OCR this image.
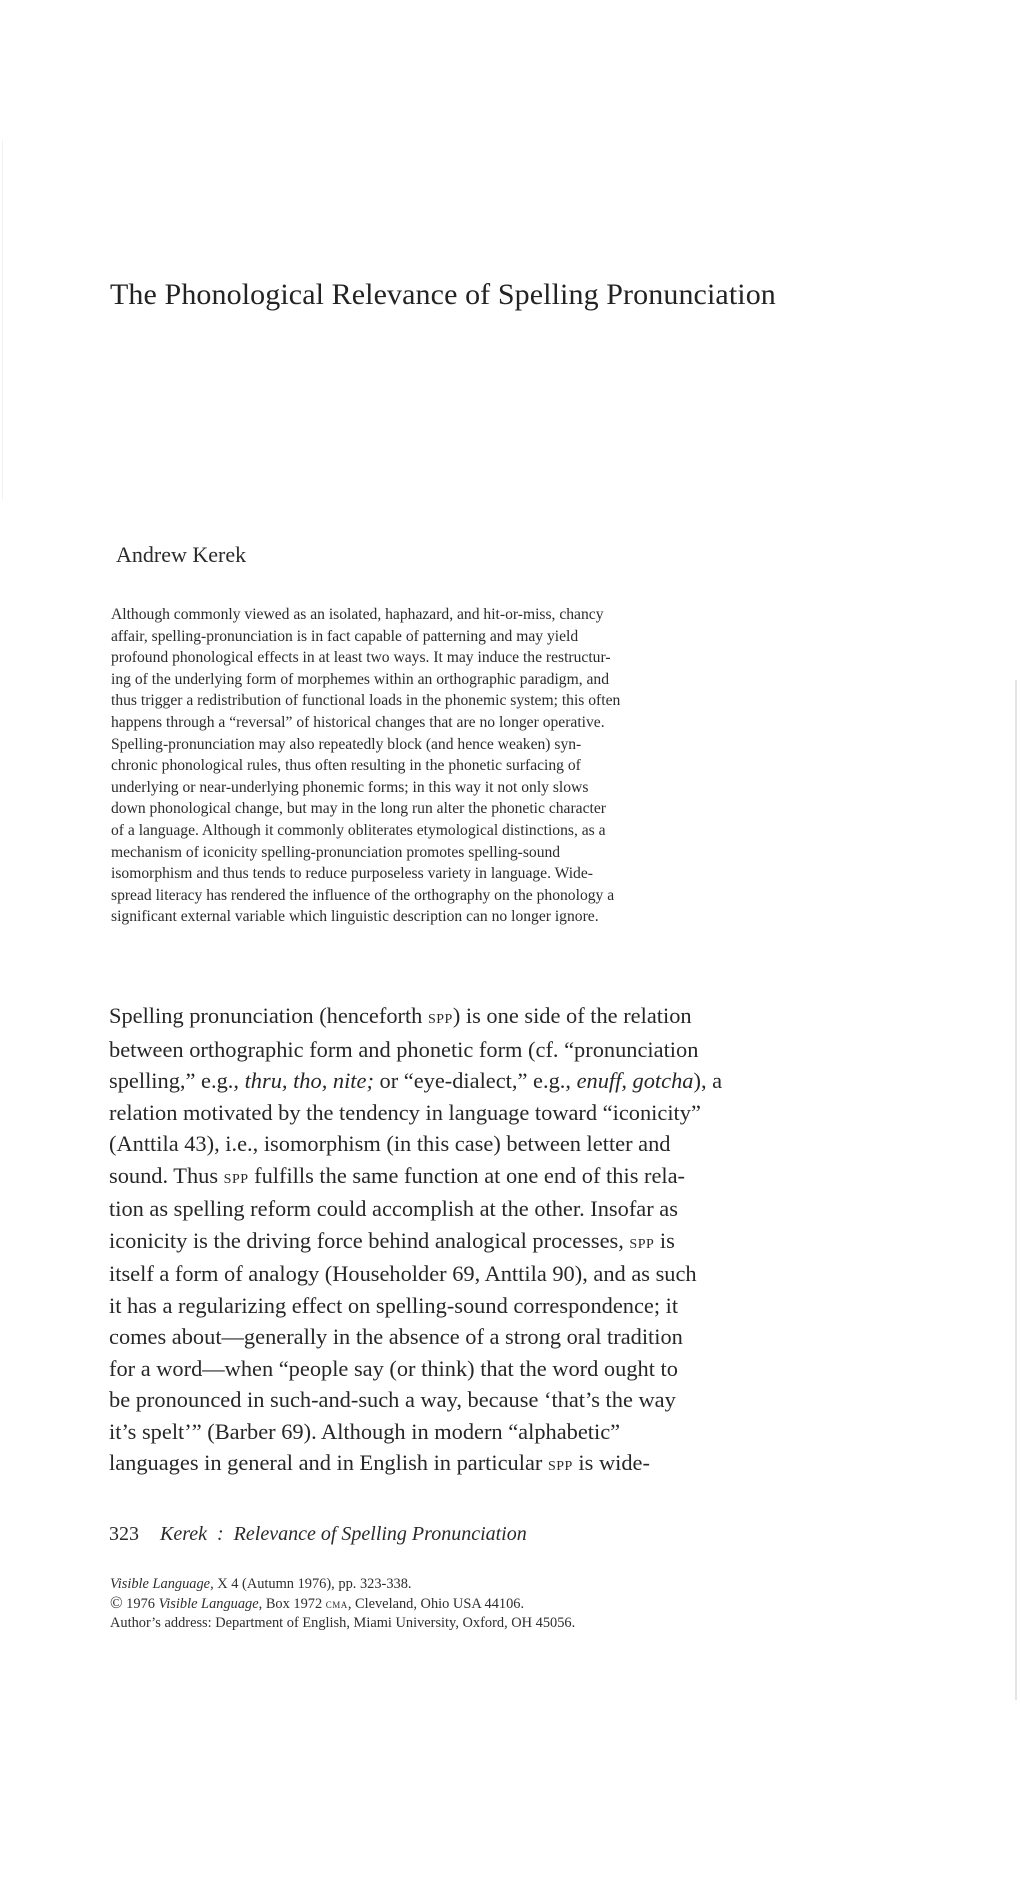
The Phonological Relevance of Spelling Pronunciation
Andrew Kerek
Although commonly viewed as an isolated, haphazard, and hit-or-miss, chancy
affair, spelling-pronunciation is in fact capable of patterning and may yield
profound phonological effects in at least two ways. It may induce the restructur-
ing of the underlying form of morphemes within an orthographic paradigm, and
thus trigger a redistribution of functional loads in the phonemic system; this often
happens through a “reversal” of historical changes that are no longer operative.
Spelling-pronunciation may also repeatedly block (and hence weaken) syn-
chronic phonological rules, thus often resulting in the phonetic surfacing of
underlying or near-underlying phonemic forms; in this way it not only slows
down phonological change, but may in the long run alter the phonetic character
of a language. Although it commonly obliterates etymological distinctions, as a
mechanism of iconicity spelling-pronunciation promotes spelling-sound
isomorphism and thus tends to reduce purposeless variety in language. Wide-
spread literacy has rendered the influence of the orthography on the phonology a
significant external variable which linguistic description can no longer ignore.
Spelling pronunciation (henceforth spp) is one side of the relation
between orthographic form and phonetic form (cf. “pronunciation
spelling,” e.g., thru, tho, nite; or “eye-dialect,” e.g., enuff, gotcha), a
relation motivated by the tendency in language toward “iconicity”
(Anttila 43), i.e., isomorphism (in this case) between letter and
sound. Thus spp fulfills the same function at one end of this rela-
tion as spelling reform could accomplish at the other. Insofar as
iconicity is the driving force behind analogical processes, spp is
itself a form of analogy (Householder 69, Anttila 90), and as such
it has a regularizing effect on spelling-sound correspondence; it
comes about—generally in the absence of a strong oral tradition
for a word—when “people say (or think) that the word ought to
be pronounced in such-and-such a way, because ‘that’s the way
it’s spelt’” (Barber 69). Although in modern “alphabetic”
languages in general and in English in particular spp is wide-
323 Kerek  :  Relevance of Spelling Pronunciation
Visible Language, X 4 (Autumn 1976), pp. 323-338.
© 1976 Visible Language, Box 1972 cma, Cleveland, Ohio USA 44106.
Author’s address: Department of English, Miami University, Oxford, OH 45056.
